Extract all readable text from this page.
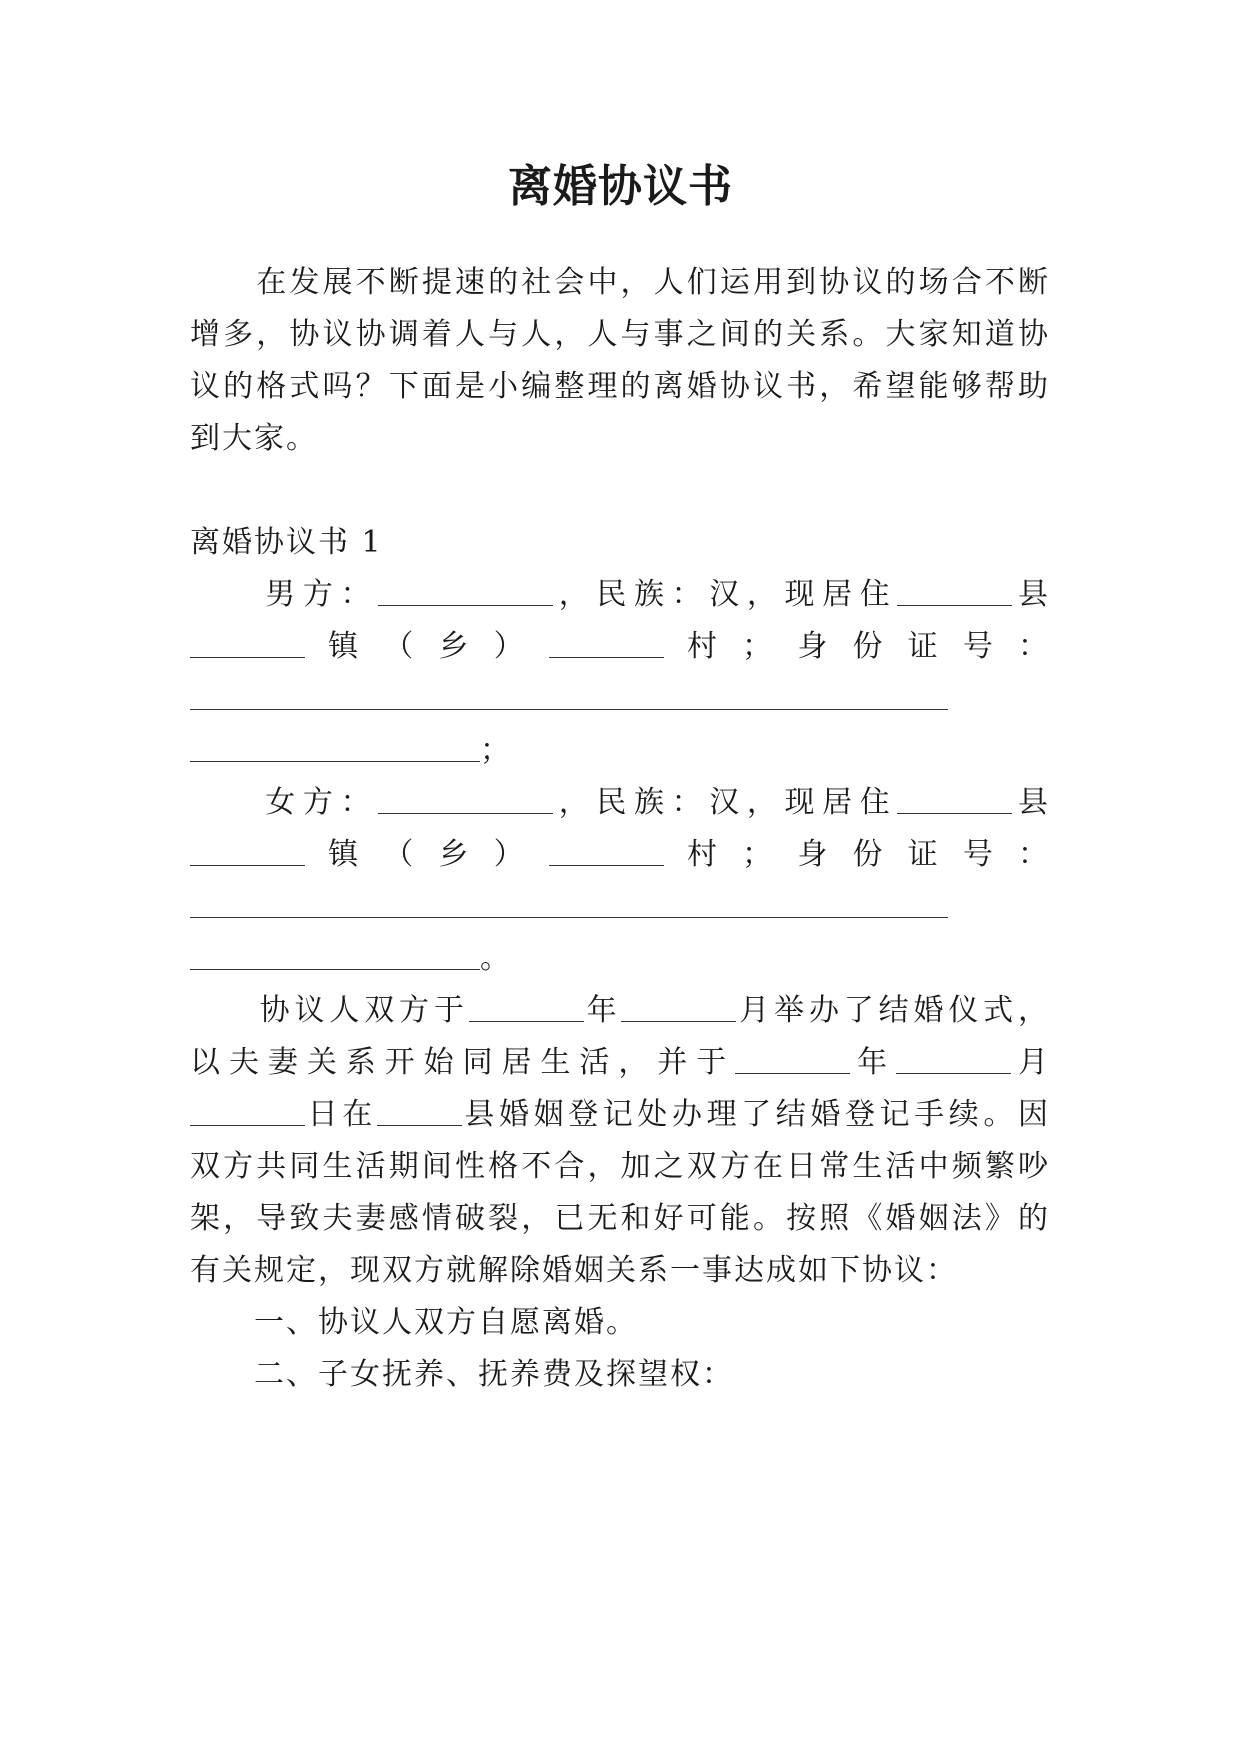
离婚协议书
　　在发展不断提速的社会中，人们运用到协议的场合不断
增多，协议协调着人与人，人与事之间的关系。大家知道协
议的格式吗？下面是小编整理的离婚协议书，希望能够帮助
到大家。
离婚协议书 1
　　男方：	，民族：汉，现居住	县
镇（乡）	村；身份证号：
；
　　女方：	，民族：汉，现居住	县
镇（乡）	村；身份证号：
。
　　协议人双方于	年	月举办了结婚仪式，
以夫妻关系开始同居生活，并于	年	月
日在	县婚姻登记处办理了结婚登记手续。因
双方共同生活期间性格不合，加之双方在日常生活中频繁吵
架，导致夫妻感情破裂，已无和好可能。按照《婚姻法》的
有关规定，现双方就解除婚姻关系一事达成如下协议：
　　一、协议人双方自愿离婚。
　　二、子女抚养、抚养费及探望权：
